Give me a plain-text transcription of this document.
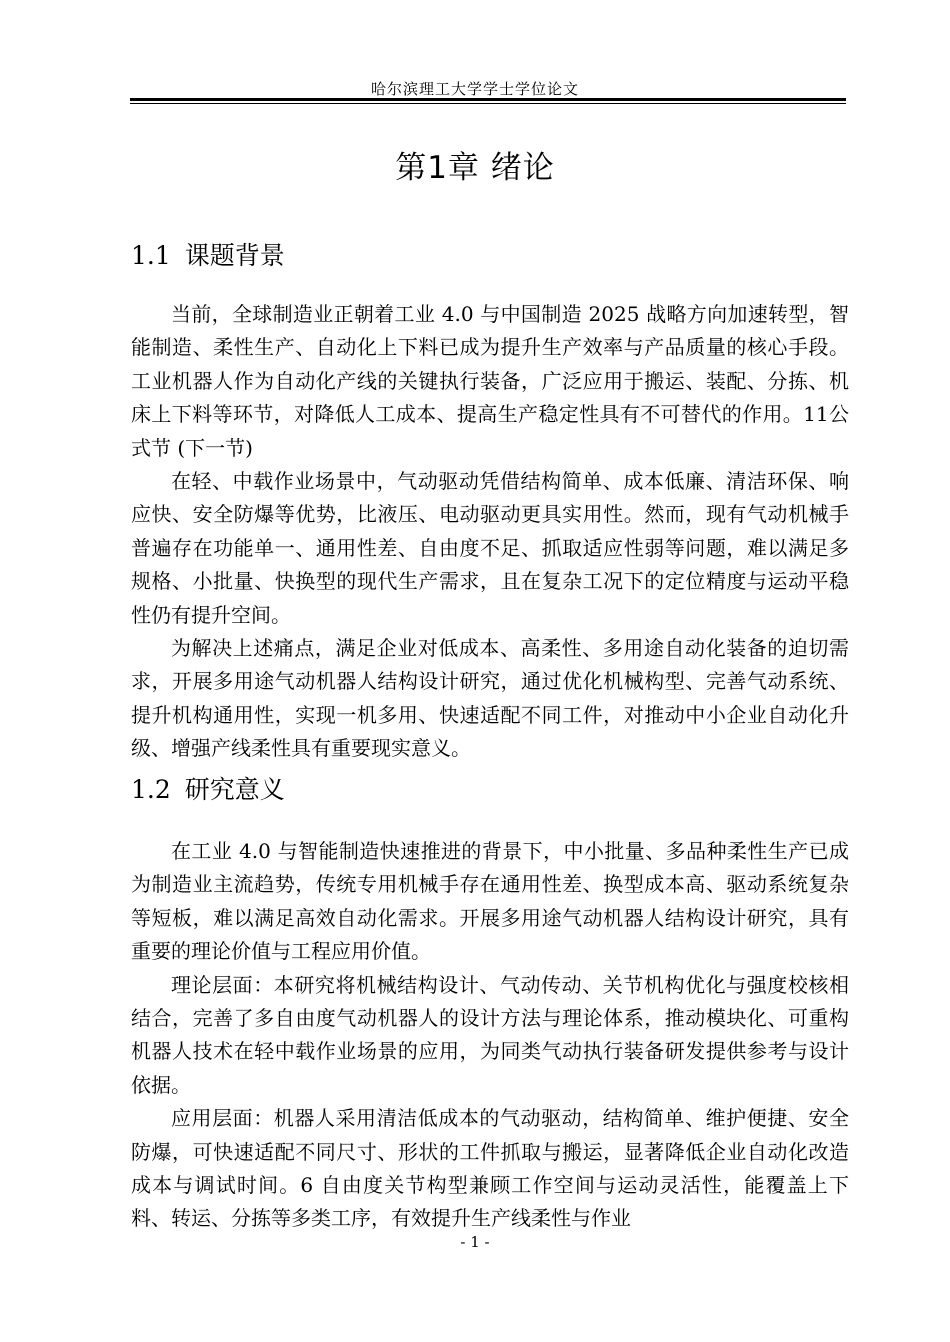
哈尔滨理工大学学士学位论文
第1章 绪论
1.1 课题背景

当前，全球制造业正朝着工业 4.0 与中国制造 2025 战略方向加速转型，智能制造、柔性生产、自动化上下料已成为提升生产效率与产品质量的核心手段。工业机器人作为自动化产线的关键执行装备，广泛应用于搬运、装配、分拣、机床上下料等环节，对降低人工成本、提高生产稳定性具有不可替代的作用。11公式节 (下一节)

在轻、中载作业场景中，气动驱动凭借结构简单、成本低廉、清洁环保、响应快、安全防爆等优势，比液压、电动驱动更具实用性。然而，现有气动机械手普遍存在功能单一、通用性差、自由度不足、抓取适应性弱等问题，难以满足多规格、小批量、快换型的现代生产需求，且在复杂工况下的定位精度与运动平稳性仍有提升空间。

为解决上述痛点，满足企业对低成本、高柔性、多用途自动化装备的迫切需求，开展多用途气动机器人结构设计研究，通过优化机械构型、完善气动系统、提升机构通用性，实现一机多用、快速适配不同工件，对推动中小企业自动化升级、增强产线柔性具有重要现实意义。

1.2 研究意义

在工业 4.0 与智能制造快速推进的背景下，中小批量、多品种柔性生产已成为制造业主流趋势，传统专用机械手存在通用性差、换型成本高、驱动系统复杂等短板，难以满足高效自动化需求。开展多用途气动机器人结构设计研究，具有重要的理论价值与工程应用价值。

理论层面：本研究将机械结构设计、气动传动、关节机构优化与强度校核相结合，完善了多自由度气动机器人的设计方法与理论体系，推动模块化、可重构机器人技术在轻中载作业场景的应用，为同类气动执行装备研发提供参考与设计依据。

应用层面：机器人采用清洁低成本的气动驱动，结构简单、维护便捷、安全防爆，可快速适配不同尺寸、形状的工件抓取与搬运，显著降低企业自动化改造成本与调试时间。6 自由度关节构型兼顾工作空间与运动灵活性，能覆盖上下料、转运、分拣等多类工序，有效提升生产线柔性与作业

- 1 -
